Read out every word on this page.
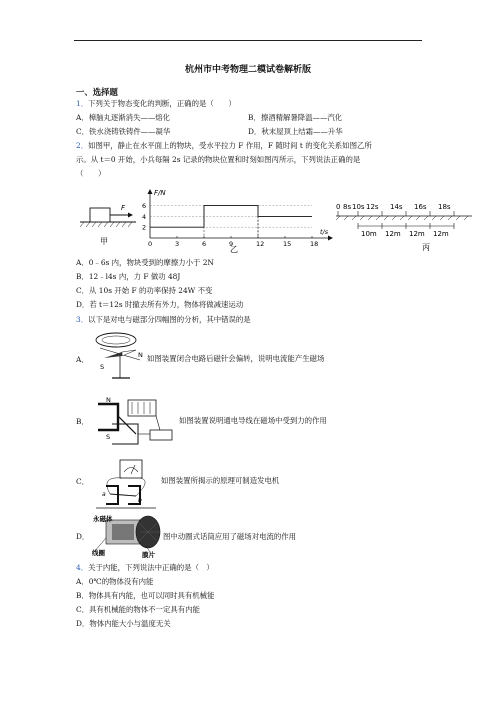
杭州市中考物理二模试卷解析版
一、选择题
1．下列关于物态变化的判断，正确的是（　　）
A．樟脑丸逐渐消失——熔化	B．擦酒精解暑降温——汽化
C．铁水浇铸铁铸件——凝华	D．秋末屋顶上结霜——升华
2．如图甲，静止在水平面上的物块，受水平拉力 F 作用，F 随时间 t 的变化关系如图乙所
示。从 t＝0 开始，小兵每隔 2s 记录的物块位置和时刻如图丙所示，下列说法正确的是
（　　）
F
甲
F/N
t/s
0	3	6	9	12	15	18
2
4
6
乙
0 8s 10s 12s 14s 16s 18s
10m 12m 12m 12m
丙
A．0﹣6s 内，物块受到的摩擦力小于 2N
B．12﹣l4s 内，力 F 做功 48J
C．从 10s 开始 F 的功率保持 24W 不变
D．若 t＝12s 时撤去所有外力，物体将做减速运动
3．以下是对电与磁部分四幅图的分析，其中错误的是
A．
S
N 如图装置闭合电路后磁针会偏转，说明电流能产生磁场
B．
N
S
如图装置说明通电导线在磁场中受到力的作用
C．
a
b
如图装置所揭示的原理可制造发电机
D．
永磁体
线圈	膜片
图中动圈式话筒应用了磁场对电流的作用
4．关于内能，下列说法中正确的是（　）
A．0℃的物体没有内能
B．物体具有内能，也可以同时具有机械能
C．具有机械能的物体不一定具有内能
D．物体内能大小与温度无关
